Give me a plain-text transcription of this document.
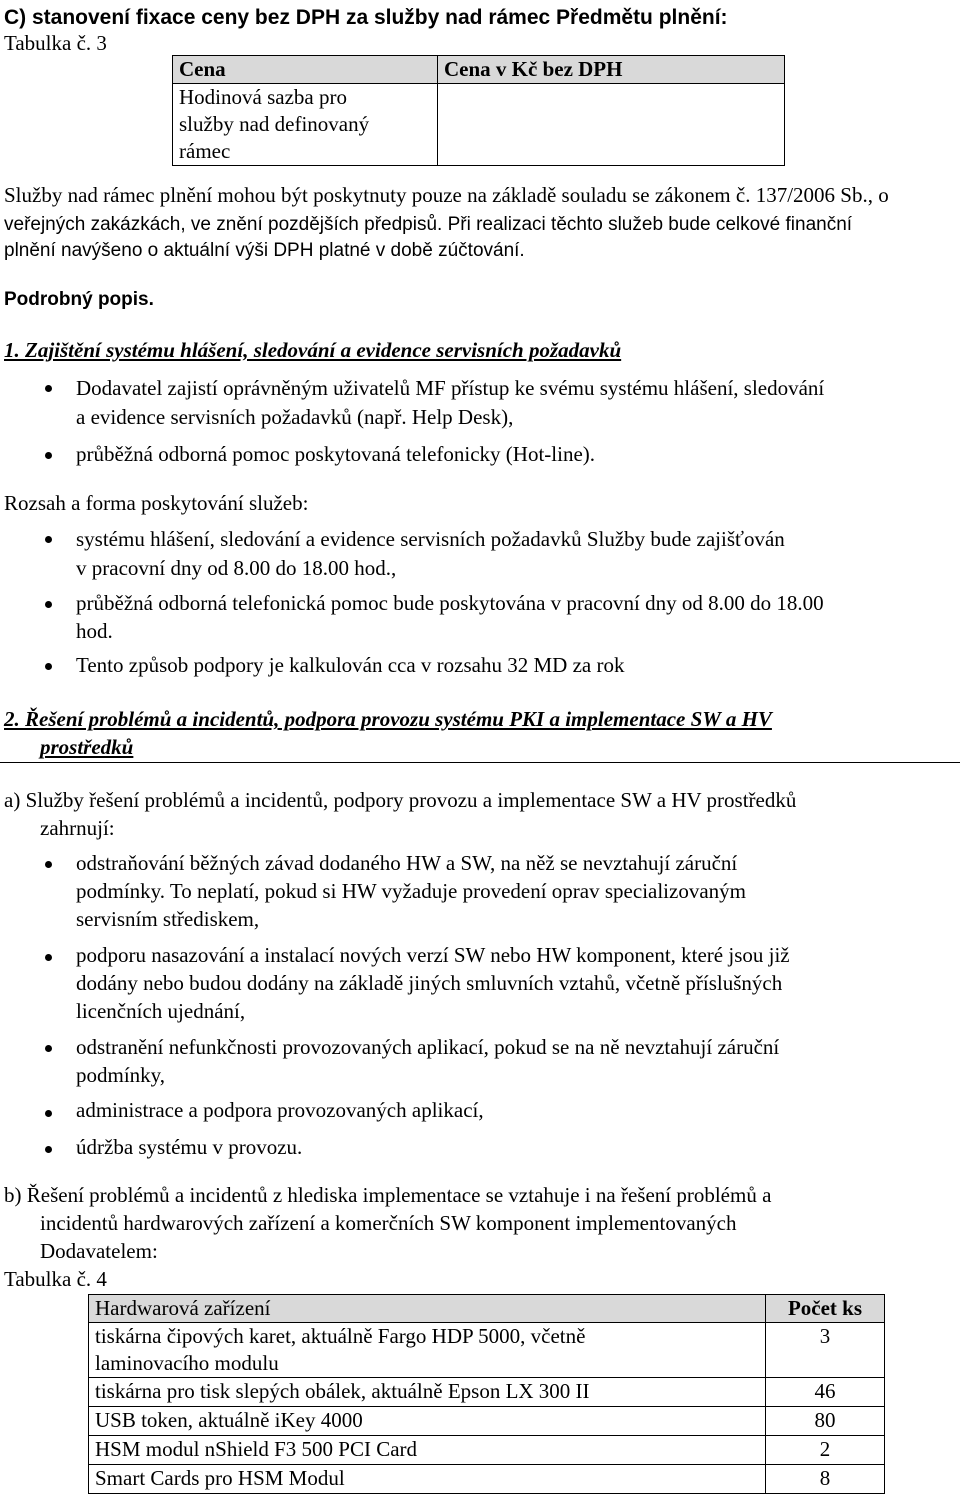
C) stanovení fixace ceny bez DPH za služby nad rámec Předmětu plnění:
Tabulka č. 3
Cena	Cena v Kč bez DPH

Hodinová sazba pro
služby nad definovaný
rámec	

Služby nad rámec plnění mohou být poskytnuty pouze na základě souladu se zákonem č. 137/2006 Sb., o
veřejných zakázkách, ve znění pozdějších předpisů. Při realizaci těchto služeb bude celkové finanční
plnění navýšeno o aktuální výši DPH platné v době zúčtování.
Podrobný popis.
1. Zajištění systému hlášení, sledování a evidence servisních požadavků
Dodavatel zajistí oprávněným uživatelů MF přístup ke svému systému hlášení, sledování
a evidence servisních požadavků (např. Help Desk),
průběžná odborná pomoc poskytovaná telefonicky (Hot-line).
Rozsah a forma poskytování služeb:
systému hlášení, sledování a evidence servisních požadavků Služby bude zajišťován
v pracovní dny od 8.00 do 18.00 hod.,
průběžná odborná telefonická pomoc bude poskytována v pracovní dny od 8.00 do 18.00
hod.
Tento způsob podpory je kalkulován cca v rozsahu 32 MD za rok
2. Řešení problémů a incidentů, podpora provozu systému PKI a implementace SW a HV
prostředků
a) Služby řešení problémů a incidentů, podpory provozu a implementace SW a HV prostředků
zahrnují:
odstraňování běžných závad dodaného HW a SW, na něž se nevztahují záruční
podmínky. To neplatí, pokud si HW vyžaduje provedení oprav specializovaným
servisním střediskem,
podporu nasazování a instalací nových verzí SW nebo HW komponent, které jsou již
dodány nebo budou dodány na základě jiných smluvních vztahů, včetně příslušných
licenčních ujednání,
odstranění nefunkčnosti provozovaných aplikací, pokud se na ně nevztahují záruční
podmínky,
administrace a podpora provozovaných aplikací,
údržba systému v provozu.
b) Řešení problémů a incidentů z hlediska implementace se vztahuje i na řešení problémů a
incidentů hardwarových zařízení a komerčních SW komponent implementovaných
Dodavatelem:
Tabulka č. 4
Hardwarová zařízení	Počet ks

tiskárna čipových karet, aktuálně Fargo HDP 5000, včetně
laminovacího modulu	3
tiskárna pro tisk slepých obálek, aktuálně Epson LX 300 II	46
USB token, aktuálně iKey 4000	80
HSM modul nShield F3 500 PCI Card	2
Smart Cards pro HSM Modul	8
